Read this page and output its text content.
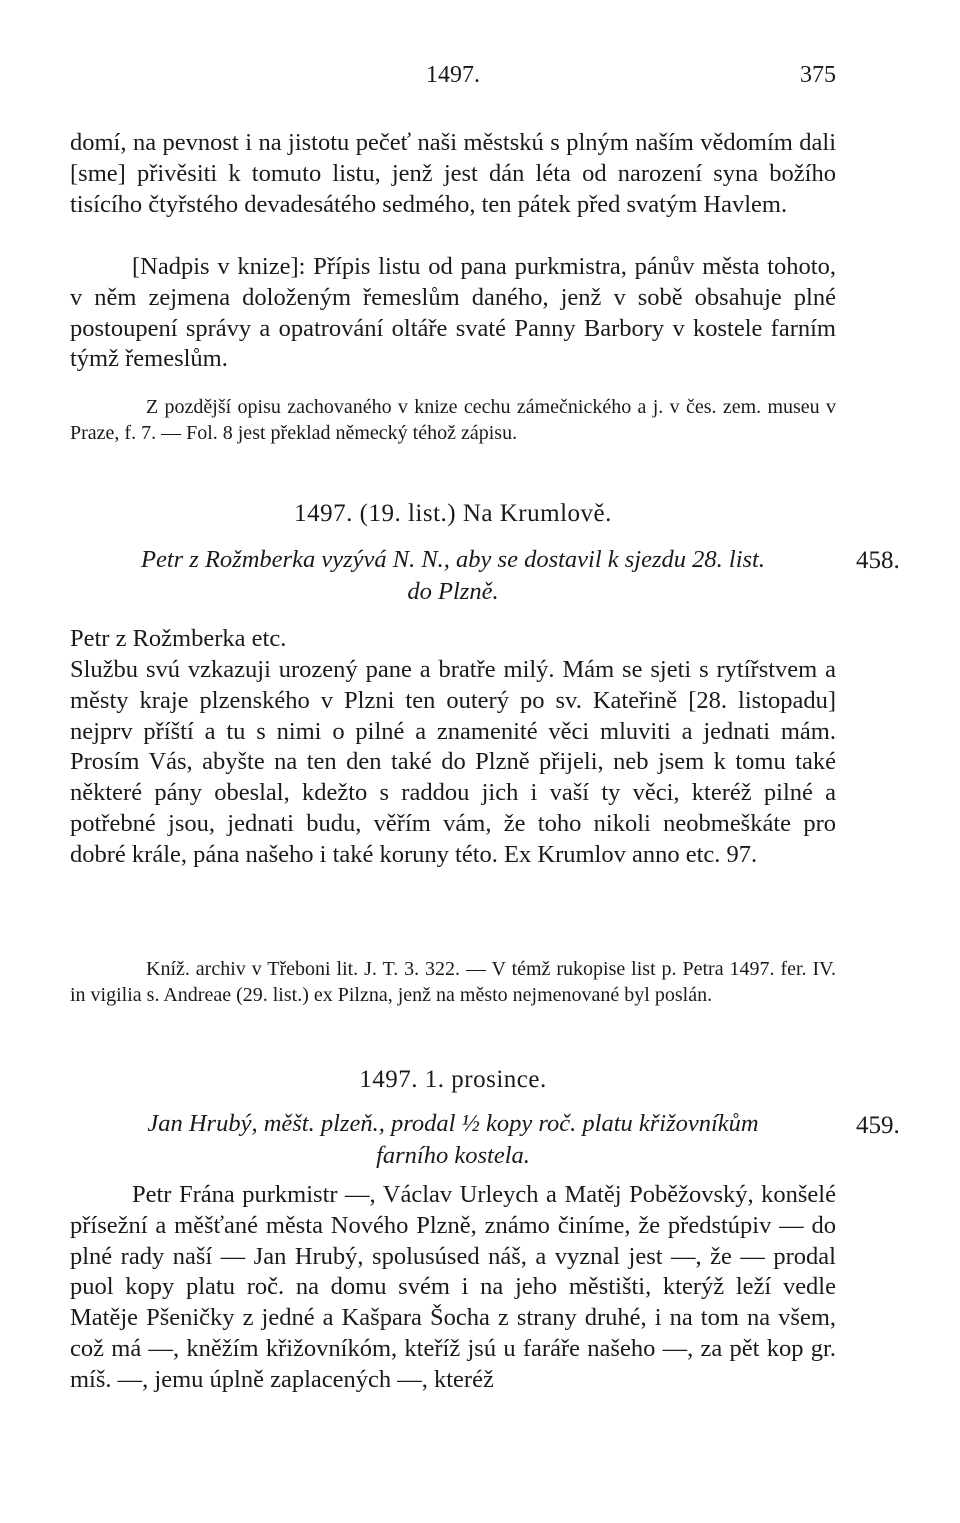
1497.	375
domí, na pevnost i na jistotu pečeť naši městskú s plným naším vědomím dali [sme] přivěsiti k tomuto listu, jenž jest dán léta od narození syna božího tisícího čtyřstého devadesátého sedmého, ten pátek před svatým Havlem.
[Nadpis v knize]: Přípis listu od pana purkmistra, pánův města tohoto, v něm zejmena doloženým řemeslům daného, jenž v sobě obsahuje plné postoupení správy a opatrování oltáře svaté Panny Barbory v kostele farním týmž řemeslům.
Z pozdější opisu zachovaného v knize cechu zámečnického a j. v čes. zem. museu v Praze, f. 7. — Fol. 8 jest překlad německý téhož zápisu.
1497. (19. list.) Na Krumlově.
Petr z Rožmberka vyzývá N. N., aby se dostavil k sjezdu 28. list.
do Plzně.
458.
Petr z Rožmberka etc.
Službu svú vzkazuji urozený pane a bratře milý. Mám se sjeti s rytířstvem a městy kraje plzenského v Plzni ten outerý po sv. Kateřině [28. listopadu] nejprv příští a tu s nimi o pilné a znamenité věci mluviti a jednati mám. Prosím Vás, abyšte na ten den také do Plzně přijeli, neb jsem k tomu také některé pány obeslal, kdežto s raddou jich i vaší ty věci, kteréž pilné a potřebné jsou, jednati budu, věřím vám, že toho nikoli neobmeškáte pro dobré krále, pána našeho i také koruny této. Ex Krumlov anno etc. 97.
Kníž. archiv v Třeboni lit. J. T. 3. 322. — V témž rukopise list p. Petra 1497. fer. IV. in vigilia s. Andreae (29. list.) ex Pilzna, jenž na město nejmenované byl poslán.
1497. 1. prosince.
Jan Hrubý, měšt. plzeň., prodal ½ kopy roč. platu křižovníkům
farního kostela.
459.
Petr Frána purkmistr —, Václav Urleych a Matěj Poběžovský, konšelé přísežní a měšťané města Nového Plzně, známo činíme, že předstúpiv — do plné rady naší — Jan Hrubý, spolusúsed náš, a vyznal jest —, že — prodal puol kopy platu roč. na domu svém i na jeho městišti, kterýž leží vedle Matěje Pšeničky z jedné a Kašpara Šocha z strany druhé, i na tom na všem, což má —, kněžím křižovníkóm, kteříž jsú u faráře našeho —, za pět kop gr. míš. —, jemu úplně zaplacených —, kteréž
